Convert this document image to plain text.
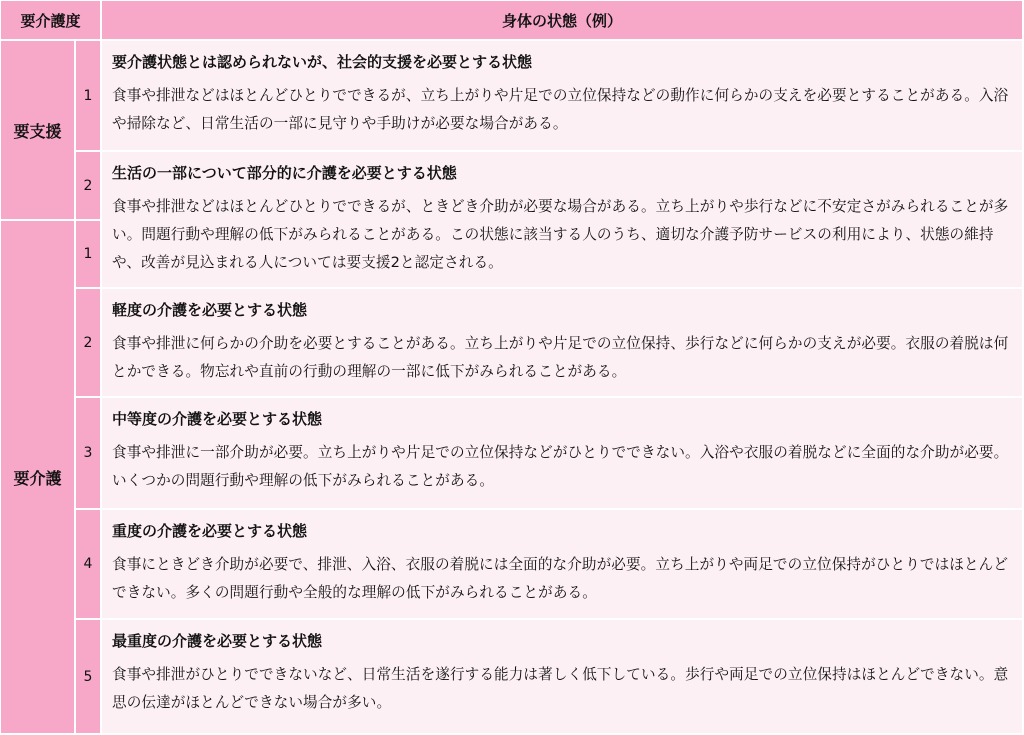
要介護度	身体の状態（例）
要支援
要介護
1
2
1
2
3
4
5

要介護状態とは認められないが、社会的支援を必要とする状態

食事や排泄などはほとんどひとりでできるが、立ち上がりや片足での立位保持などの動作に何らかの支えを必要とすることがある。入浴や掃除など、日常生活の一部に見守りや手助けが必要な場合がある。

生活の一部について部分的に介護を必要とする状態

食事や排泄などはほとんどひとりでできるが、ときどき介助が必要な場合がある。立ち上がりや歩行などに不安定さがみられることが多い。問題行動や理解の低下がみられることがある。この状態に該当する人のうち、適切な介護予防サービスの利用により、状態の維持や、改善が見込まれる人については要支援2と認定される。

軽度の介護を必要とする状態

食事や排泄に何らかの介助を必要とすることがある。立ち上がりや片足での立位保持、歩行などに何らかの支えが必要。衣服の着脱は何とかできる。物忘れや直前の行動の理解の一部に低下がみられることがある。

中等度の介護を必要とする状態

食事や排泄に一部介助が必要。立ち上がりや片足での立位保持などがひとりでできない。入浴や衣服の着脱などに全面的な介助が必要。いくつかの問題行動や理解の低下がみられることがある。

重度の介護を必要とする状態

食事にときどき介助が必要で、排泄、入浴、衣服の着脱には全面的な介助が必要。立ち上がりや両足での立位保持がひとりではほとんどできない。多くの問題行動や全般的な理解の低下がみられることがある。

最重度の介護を必要とする状態

食事や排泄がひとりでできないなど、日常生活を遂行する能力は著しく低下している。歩行や両足での立位保持はほとんどできない。意思の伝達がほとんどできない場合が多い。
